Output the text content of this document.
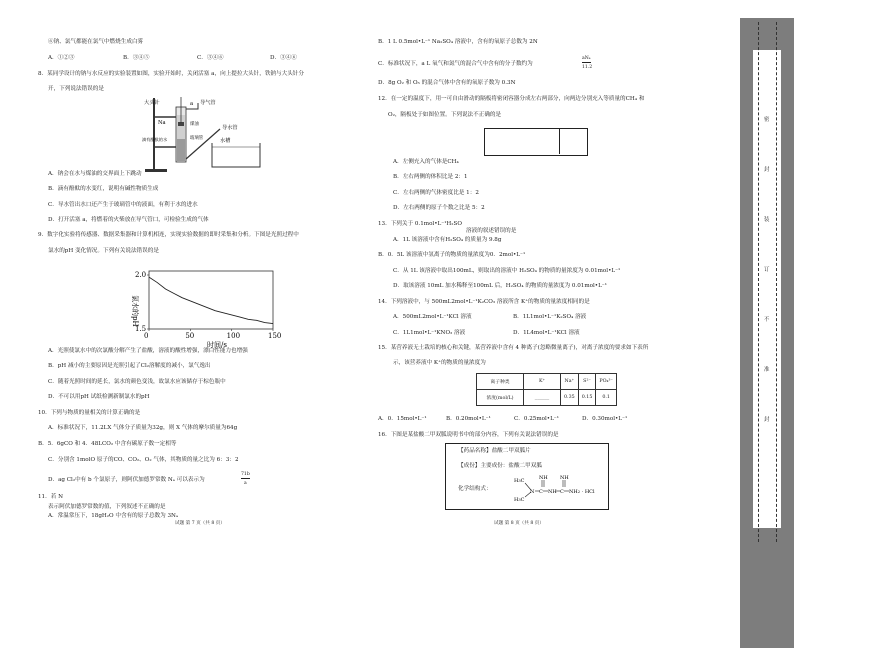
⑥钠、氯气都能在氯气中燃烧生成白雾
A．①②③	B．③④⑤	C．③④⑥	D．③④⑥
8．某同学设计的钠与水反应的实验装置如图，实验开始时，关闭活塞 a，向上提拉大头针，铁钠与大头针分
开，下列说法错误的是
大头针	a 导气管
Na	煤油
滴有酚酞的水
导水管
水槽
玻璃管
A．钠会在水与煤油的交界面上下跳动
B．滴有酚酞的水变红，说明有碱性物质生成
C．导水管出水口还产生于玻璃管中的液面，有利于水的进水
D．打开活塞 a，将燃着的火柴放在导气管口，可检验生成的气体
9．数字化实验将传感器、数据采集器和计算机相连，实现实验数据的即时采集和分析。下图是光照过程中
氯水的pH 变化情况。下列有关说法错误的是
氯水的pH
时间/s
0	50	100	150
1.5
2.0
A．光照使氯水中的次氯酸分解产生了盐酸，溶液的酸性增强，漂白性能力也增强
B．pH 减小的主要原因是光照引起了Cl₂溶解度的减小，氯气逸出
C．随着光照时间的延长，氯水的颜色变浅，故氯水应该储存于棕色瓶中
D．不可以用pH 试纸检测新制氯水的pH
10．下列与物质的量相关的计算正确的是
A．标准状况下，11.2LX 气体分子质量为32g，则 X 气体的摩尔质量为64g
B．5．6gCO 和 4．48LCO₂ 中含有碳原子数一定相等
C．分别含 1molO 原子的CO、CO₂、O₂ 气体，其物质的量之比为 6：3：2
D．ag Cl₂中有 b 个氯原子，则阿伏加德罗常数 Nₐ 可以表示为
71b
a
11．若 N
表示阿伏加德罗常数的值，下列叙述不正确的是
A．常温常压下，18gH₂O 中含有的原子总数为 3Nₐ
试题 第 7 页（共 8 页）
B．1 L 0.5mol•L⁻¹ Na₂SO₄ 溶液中，含有的氧原子总数为 2N
C．标准状况下，a L 氧气和氮气的混合气中含有的分子数约为
aNₐ
11.2
D．8g O₂ 和 O₃ 的混合气体中含有的氧原子数为 0.3N
12．在一定的温度下，用一可自由滑动的隔板将密闭容器分成左右两部分，向两边分别充入等质量的CH₄ 和
O₂，隔板处于如图位置。下列说法不正确的是
A．左侧充入的气体是CH₄
B．左右两侧的体积比是 2：1
C．左右两侧的气体密度比是 1：2
D．左右两侧的原子个数之比是 5：2
13．下列关于 0.1mol•L⁻¹H₂SO
溶液的叙述错误的是
A．1L 该溶液中含有H₂SO₄ 的质量为 9.8g
B．0．5L 该溶液中氢离子的物质的量浓度为0．2mol•L⁻¹
C．从 1L 该溶液中取出100mL，则取出的溶液中 H₂SO₄ 的物质的量浓度为 0.01mol•L⁻¹
D．取该溶液 10mL 加水稀释至100mL 后，H₂SO₄ 的物质的量浓度为 0.01mol•L⁻¹
14．下列溶液中，与 500mL2mol•L⁻¹K₂CO₃ 溶液所含 K⁺的物质的量浓度相同的是
A．500mL2mol•L⁻¹KCl 溶液	B．1L1mol•L⁻¹K₂SO₄ 溶液
C．1L1mol•L⁻¹KNO₃ 溶液	D．1L4mol•L⁻¹KCl 溶液
15．某营养液无土栽培的核心和关键，某营养液中含有 4 种离子(忽略微量离子)，对离子浓度的要求如下表所
示，该营养液中 K⁺的物质的量浓度为
离子种类	K⁺	Na⁺	S²⁻	PO₄³⁻
浓度(mol/L)	______	0.35	0.15	0.1
A．0．15mol•L⁻¹	B．0.20mol•L⁻¹	C．0.25mol•L⁻¹	D．0.30mol•L⁻¹
16．下图是某盐酸二甲双胍说明书中的部分内容，下列有关说法错误的是
【药品名称】盐酸二甲双胍片
【成份】主要成份：盐酸二甲双胍
化学结构式：
H3C
H3C
N C
NH
NH C
NH
NH2 · HCl
试题 第 8 页（共 8 页）
密
封
装
订
不
准
封
